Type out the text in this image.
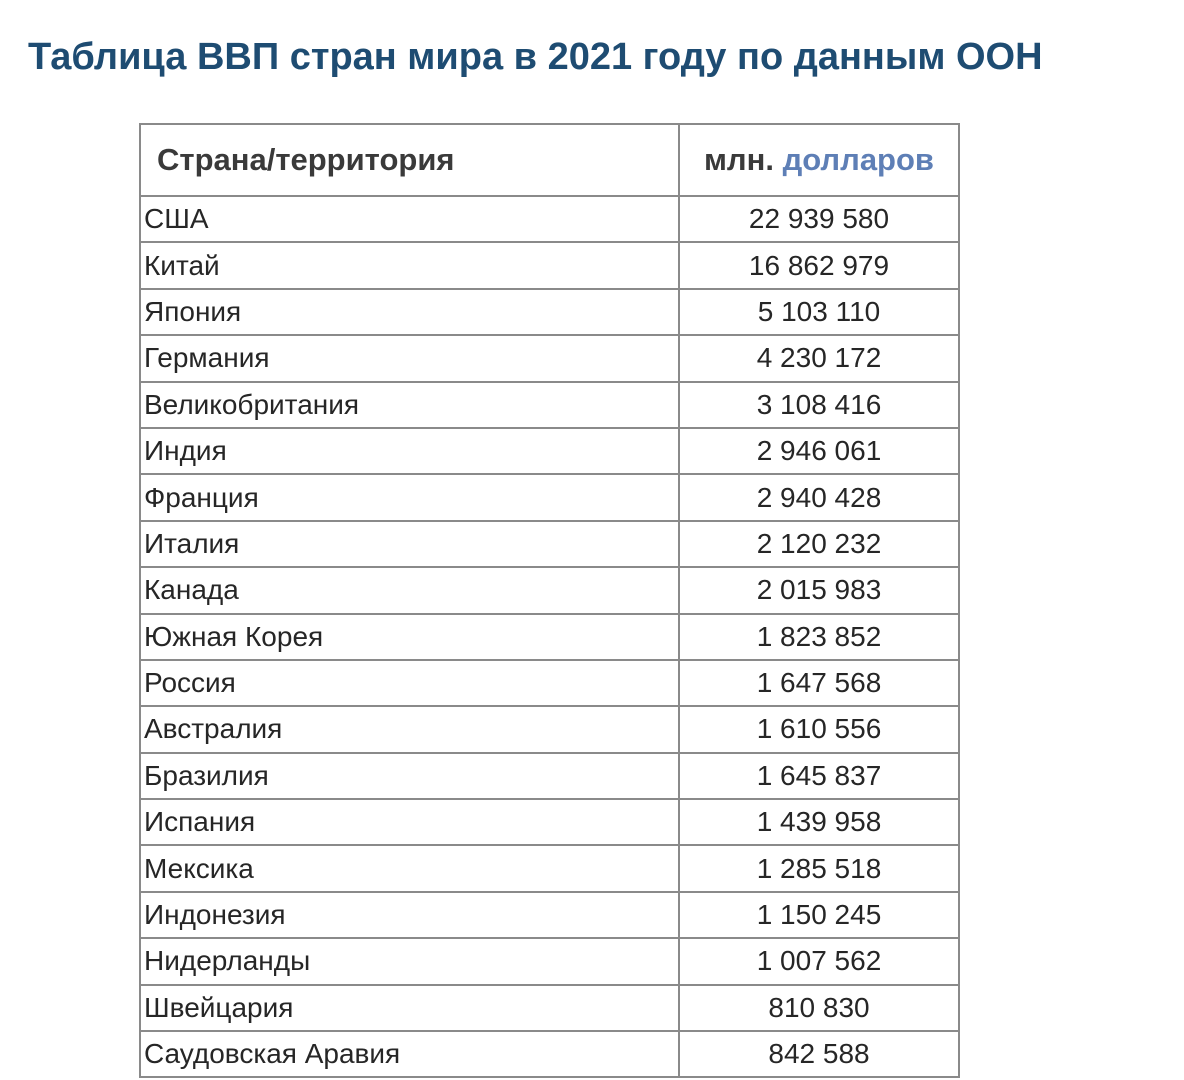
Таблица ВВП стран мира в 2021 году по данным ООН
Страна/территория	млн. долларов
США	22 939 580
Китай	16 862 979
Япония	5 103 110
Германия	4 230 172
Великобритания	3 108 416
Индия	2 946 061
Франция	2 940 428
Италия	2 120 232
Канада	2 015 983
Южная Корея	1 823 852
Россия	1 647 568
Австралия	1 610 556
Бразилия	1 645 837
Испания	1 439 958
Мексика	1 285 518
Индонезия	1 150 245
Нидерланды	1 007 562
Швейцария	810 830
Саудовская Аравия	842 588
